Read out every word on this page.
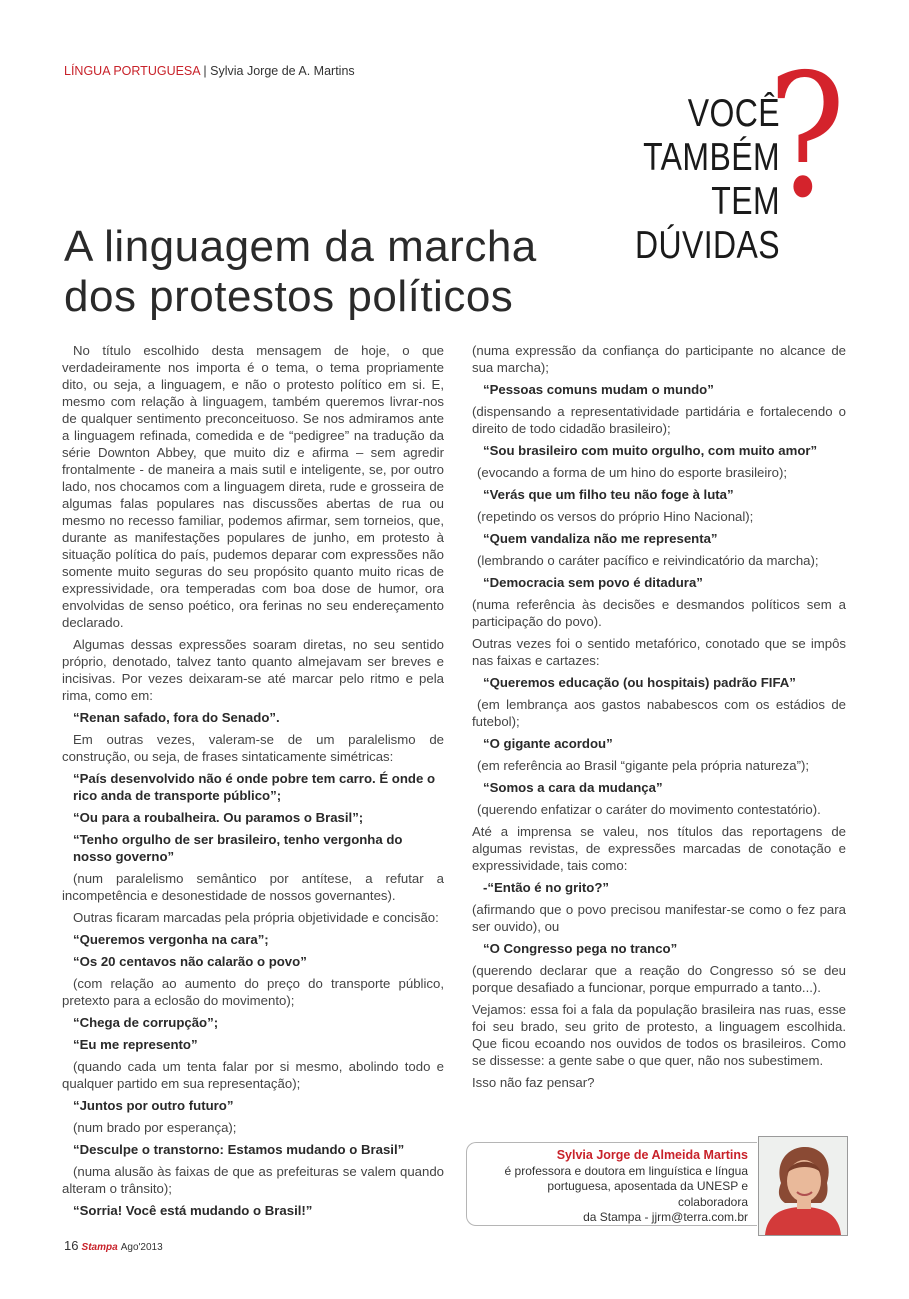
LÍNGUA PORTUGUESA | Sylvia Jorge de A. Martins
VOCÊ TAMBÉM
TEM DÚVIDAS
?
A linguagem da marcha
dos protestos políticos

No título escolhido desta mensagem de hoje, o que verdadeiramente nos importa é o tema, o tema propriamente dito, ou seja, a linguagem, e não o protesto político em si. E, mesmo com relação à linguagem, também queremos livrar-nos de qualquer sentimento preconceituoso. Se nos admiramos ante a linguagem refinada, comedida e de “pedigree” na tradução da série Downton Abbey, que muito diz e afirma – sem agredir frontalmente - de maneira a mais sutil e inteligente, se, por outro lado, nos chocamos com a linguagem direta, rude e grosseira de algumas falas populares nas discussões abertas de rua ou mesmo no recesso familiar, podemos afirmar, sem torneios, que, durante as manifestações populares de junho, em protesto à situação política do país, pudemos deparar com expressões não somente muito seguras do seu propósito quanto muito ricas de expressividade, ora temperadas com boa dose de humor, ora envolvidas de senso poético, ora ferinas no seu endereçamento declarado.

Algumas dessas expressões soaram diretas, no seu sentido próprio, denotado, talvez tanto quanto almejavam ser breves e incisivas. Por vezes deixaram-se até marcar pelo ritmo e pela rima, como em:

“Renan safado, fora do Senado”.

Em outras vezes, valeram-se de um paralelismo de construção, ou seja, de frases sintaticamente simétricas:

“País desenvolvido não é onde pobre tem carro. É onde o rico anda de transporte público”;

“Ou para a roubalheira. Ou paramos o Brasil”;

“Tenho orgulho de ser brasileiro, tenho vergonha do nosso governo”

(num paralelismo semântico por antítese, a refutar a incompetência e desonestidade de nossos governantes).

Outras ficaram marcadas pela própria objetividade e concisão:

“Queremos vergonha na cara”;

“Os 20 centavos não calarão o povo”

(com relação ao aumento do preço do transporte público, pretexto para a eclosão do movimento);

“Chega de corrupção”;

“Eu me represento”

(quando cada um tenta falar por si mesmo, abolindo todo e qualquer partido em sua representação);

“Juntos por outro futuro”

(num brado por esperança);

“Desculpe o transtorno: Estamos mudando o Brasil”

(numa alusão às faixas de que as prefeituras se valem quando alteram o trânsito);

“Sorria! Você está mudando o Brasil!”

(numa expressão da confiança do participante no alcance de sua marcha);

“Pessoas comuns mudam o mundo”

(dispensando a representatividade partidária e fortalecendo o direito de todo cidadão brasileiro);

“Sou brasileiro com muito orgulho, com muito amor”

(evocando a forma de um hino do esporte brasileiro);

“Verás que um filho teu não foge à luta”

(repetindo os versos do próprio Hino Nacional);

“Quem vandaliza não me representa”

(lembrando o caráter pacífico e reivindicatório da marcha);

“Democracia sem povo é ditadura”

(numa referência às decisões e desmandos políticos sem a participação do povo).

Outras vezes foi o sentido metafórico, conotado que se impôs nas faixas e cartazes:

“Queremos educação (ou hospitais) padrão FIFA”

(em lembrança aos gastos nababescos com os estádios de futebol);

“O gigante acordou”

(em referência ao Brasil “gigante pela própria natureza”);

“Somos a cara da mudança”

(querendo enfatizar o caráter do movimento contestatório).

Até a imprensa se valeu, nos títulos das reportagens de algumas revistas, de expressões marcadas de conotação e expressividade, tais como:

-“Então é no grito?”

(afirmando que o povo precisou manifestar-se como o fez para ser ouvido), ou

“O Congresso pega no tranco”

(querendo declarar que a reação do Congresso só se deu porque desafiado a funcionar, porque empurrado a tanto...).

Vejamos: essa foi a fala da população brasileira nas ruas, esse foi seu brado, seu grito de protesto, a linguagem escolhida. Que ficou ecoando nos ouvidos de todos os brasileiros. Como se dissesse: a gente sabe o que quer, não nos subestimem.

Isso não faz pensar?

Sylvia Jorge de Almeida Martins
é professora e doutora em linguística e língua
portuguesa, aposentada da UNESP e colaboradora
da Stampa - jjrm@terra.com.br
16 Stampa Ago'2013
